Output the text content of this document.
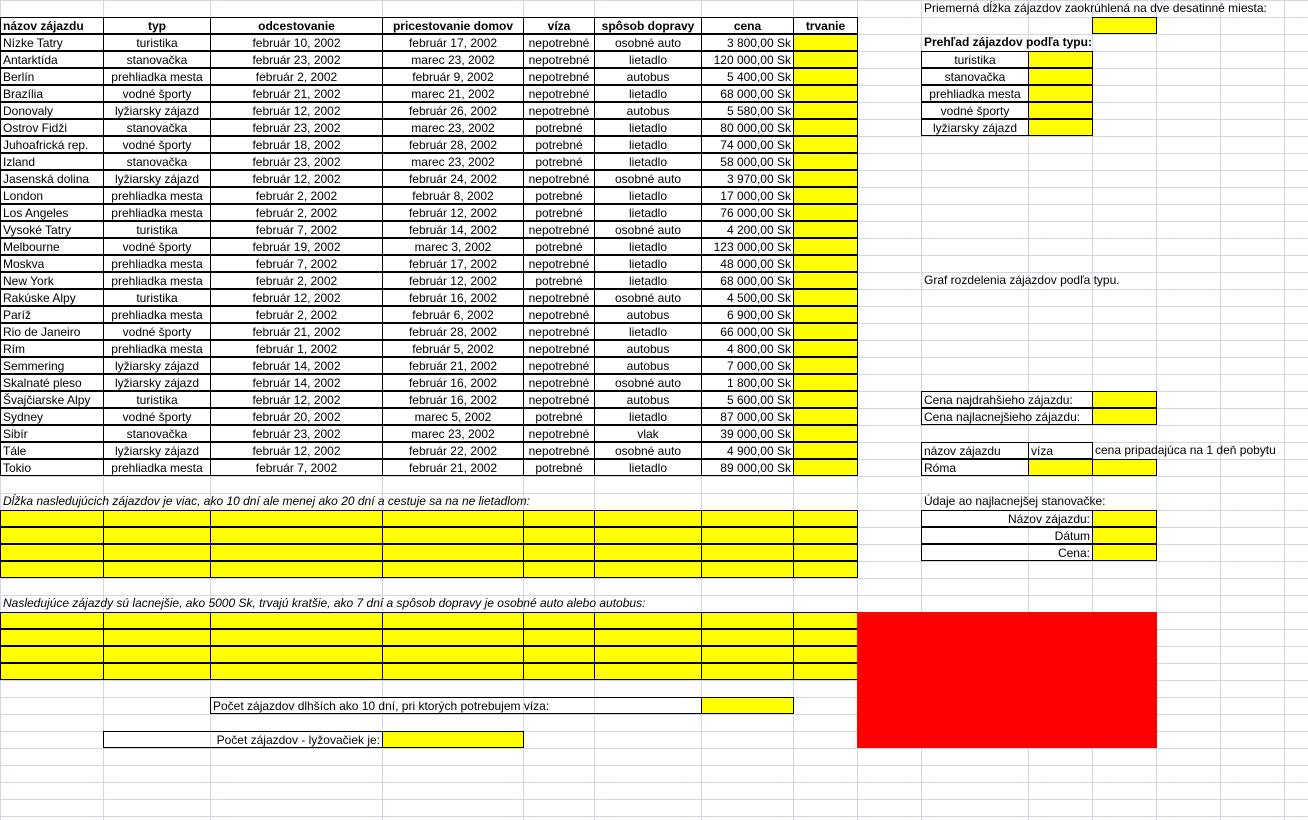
názov zájazdu	typ	odcestovanie	pricestovanie domov	víza	spôsob dopravy	cena	trvanie
Nízke Tatry	turistika	február 10, 2002	február 17, 2002	nepotrebné	osobné auto	3 800,00 Sk
Antarktída	stanovačka	február 23, 2002	marec 23, 2002	nepotrebné	lietadlo	120 000,00 Sk
Berlín	prehliadka mesta	február 2, 2002	február 9, 2002	nepotrebné	autobus	5 400,00 Sk
Brazília	vodné športy	február 21, 2002	marec 21, 2002	nepotrebné	lietadlo	68 000,00 Sk
Donovaly	lyžiarsky zájazd	február 12, 2002	február 26, 2002	nepotrebné	autobus	5 580,00 Sk
Ostrov Fidži	stanovačka	február 23, 2002	marec 23, 2002	potrebné	lietadlo	80 000,00 Sk
Juhoafrická rep.	vodné športy	február 18, 2002	február 28, 2002	potrebné	lietadlo	74 000,00 Sk
Izland	stanovačka	február 23, 2002	marec 23, 2002	potrebné	lietadlo	58 000,00 Sk
Jasenská dolina	lyžiarsky zájazd	február 12, 2002	február 24, 2002	nepotrebné	osobné auto	3 970,00 Sk
London	prehliadka mesta	február 2, 2002	február 8, 2002	potrebné	lietadlo	17 000,00 Sk
Los Angeles	prehliadka mesta	február 2, 2002	február 12, 2002	potrebné	lietadlo	76 000,00 Sk
Vysoké Tatry	turistika	február 7, 2002	február 14, 2002	nepotrebné	osobné auto	4 200,00 Sk
Melbourne	vodné športy	február 19, 2002	marec 3, 2002	potrebné	lietadlo	123 000,00 Sk
Moskva	prehliadka mesta	február 7, 2002	február 17, 2002	nepotrebné	lietadlo	48 000,00 Sk
New York	prehliadka mesta	február 2, 2002	február 12, 2002	potrebné	lietadlo	68 000,00 Sk
Rakúske Alpy	turistika	február 12, 2002	február 16, 2002	nepotrebné	osobné auto	4 500,00 Sk
Paríž	prehliadka mesta	február 2, 2002	február 6, 2002	nepotrebné	autobus	6 900,00 Sk
Rio de Janeiro	vodné športy	február 21, 2002	február 28, 2002	nepotrebné	lietadlo	66 000,00 Sk
Rím	prehliadka mesta	február 1, 2002	február 5, 2002	nepotrebné	autobus	4 800,00 Sk
Semmering	lyžiarsky zájazd	február 14, 2002	február 21, 2002	nepotrebné	autobus	7 000,00 Sk
Skalnaté pleso	lyžiarsky zájazd	február 14, 2002	február 16, 2002	nepotrebné	osobné auto	1 800,00 Sk
Švajčiarske Alpy	turistika	február 12, 2002	február 16, 2002	nepotrebné	autobus	5 600,00 Sk
Sydney	vodné športy	február 20, 2002	marec 5, 2002	potrebné	lietadlo	87 000,00 Sk
Sibír	stanovačka	február 23, 2002	marec 23, 2002	nepotrebné	vlak	39 000,00 Sk
Tále	lyžiarsky zájazd	február 12, 2002	február 22, 2002	nepotrebné	osobné auto	4 900,00 Sk
Tokio	prehliadka mesta	február 7, 2002	február 21, 2002	potrebné	lietadlo	89 000,00 Sk
Priemerná dĺžka zájazdov zaokrúhlená na dve desatinné miesta:
Prehľad zájazdov podľa typu:
turistika
stanovačka
prehliadka mesta
vodné športy
lyžiarsky zájazd
Graf rozdelenia zájazdov podľa typu.
Cena najdrahšieho zájazdu:
Cena najlacnejšieho zájazdu:
názov zájazdu	víza	cena pripadajúca na 1 deň pobytu
Róma
Údaje ao najlacnejšej stanovačke:
Názov zájazdu:
Dátum
Cena:
Dĺžka nasledujúcich zájazdov je viac, ako 10 dní ale menej ako 20 dní a cestuje sa na ne lietadlom:
Nasledujúce zájazdy sú lacnejšie, ako 5000 Sk, trvajú kratšie, ako 7 dní a spôsob dopravy je osobné auto alebo autobus:
Počet zájazdov dlhších ako 10 dní, pri ktorých potrebujem víza:
Počet zájazdov - lyžovačiek je:
